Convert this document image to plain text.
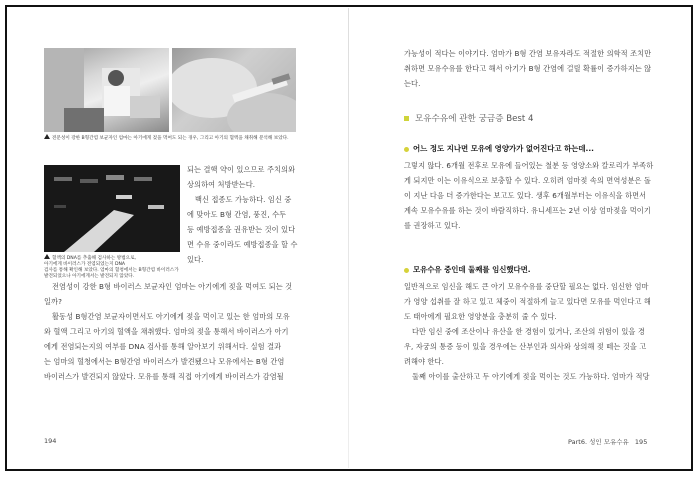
전문성이 강한 B형간염 보균자인 엄마는 아기에게 젖을 먹여도 되는 경우, 그리고 아기의 혈액을 채취해 분석해 보았다.
혈액의 DNA를 추출해 검사하는 방법으로,
아기에게 바이러스가 전염되었는지 DNA
검사를 통해 확인해 보았다. 엄마의 혈청에서는 B형간염 바이러스가
발견되었으나 아기에게서는 발견되지 않았다.
되는 결핵 약이 있으므로 주치의와
상의하여 처방받는다.
백신 접종도 가능하다. 임신 중
에 맞아도 B형 간염, 풍진, 수두
등 예방접종을 권유받는 것이 있다
면 수유 중이라도 예방접종을 할 수
있다.
전염성이 강한 B형 바이러스 보균자인 엄마는 아기에게 젖을 먹여도 되는 것
일까?
활동성 B형간염 보균자이면서도 아기에게 젖을 먹이고 있는 한 엄마의 모유
와 혈액 그리고 아기의 혈액을 채취했다. 엄마의 젖을 통해서 바이러스가 아기
에게 전염되는지의 여부를 DNA 검사를 통해 알아보기 위해서다. 실험 결과
는 엄마의 혈청에서는 B형간염 바이러스가 발견됐으나 모유에서는 B형 간염
바이러스가 발견되지 않았다. 모유를 통해 직접 아기에게 바이러스가 감염될
194
가능성이 적다는 이야기다. 엄마가 B형 간염 보유자라도 적절한 의학적 조치만
취하면 모유수유를 한다고 해서 아기가 B형 간염에 걸릴 확률이 증가하지는 않
는다.
모유수유에 관한 궁금증 Best 4
어느 정도 지나면 모유에 영양가가 없어진다고 하는데...
그렇지 않다. 6개월 전후로 모유에 들어있는 철분 등 영양소와 칼로리가 부족하
게 되지만 이는 이유식으로 보충할 수 있다. 오히려 엄마젖 속의 면역성분은 돌
이 지난 다음 더 증가한다는 보고도 있다. 생후 6개월부터는 이유식을 하면서
계속 모유수유를 하는 것이 바람직하다. 유니세프는 2년 이상 엄마젖을 먹이기
를 권장하고 있다.
모유수유 중인데 둘째를 임신했다면.
일반적으로 임신을 해도 큰 아기 모유수유를 중단할 필요는 없다. 임신한 엄마
가 영양 섭취를 잘 하고 있고 체중이 적절하게 늘고 있다면 모유를 먹인다고 해
도 태아에게 필요한 영양분을 충분히 줄 수 있다.
다만 임신 중에 조산이나 유산을 한 경험이 있거나, 조산의 위험이 있을 경
우, 자궁의 통증 등이 있을 경우에는 산부인과 의사와 상의해 젖 떼는 것을 고
려해야 한다.
둘째 아이를 출산하고 두 아기에게 젖을 먹이는 것도 가능하다. 엄마가 적당
Part6. 성인 모유수유 195
